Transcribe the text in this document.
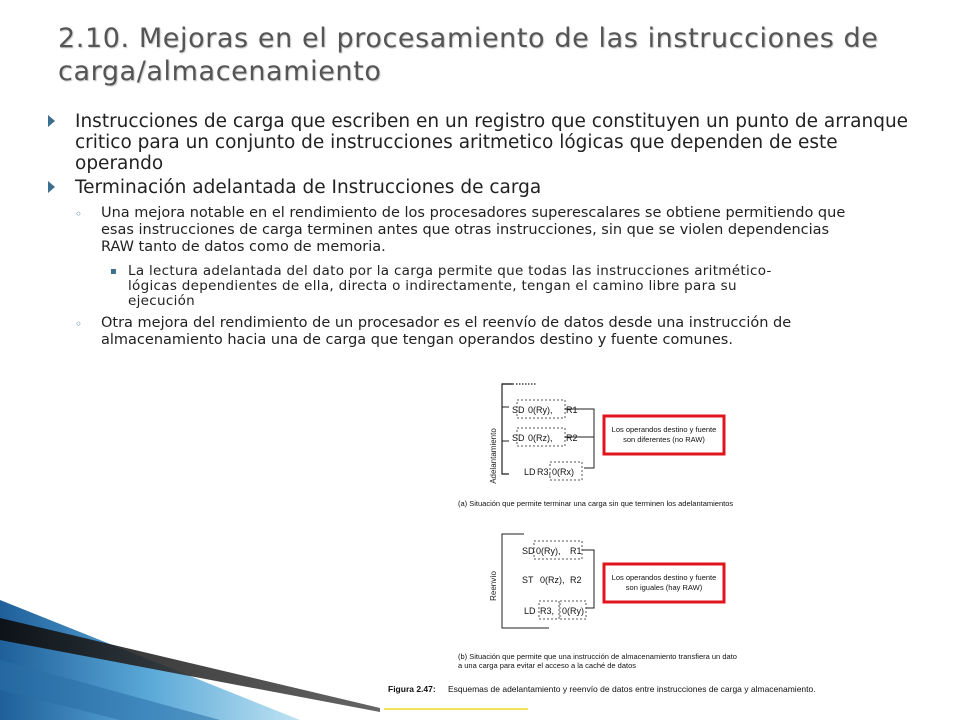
2.10. Mejoras en el procesamiento de las instrucciones de carga/almacenamiento
Instrucciones de carga que escriben en un registro que constituyen un punto de arranque critico para un conjunto de instrucciones aritmetico lógicas que dependen de este operando
Terminación adelantada de Instrucciones de carga
◦ Una mejora notable en el rendimiento de los procesadores superescalares se obtiene permitiendo que esas instrucciones de carga terminen antes que otras instrucciones, sin que se violen dependencias RAW tanto de datos como de memoria.
▪ La lectura adelantada del dato por la carga permite que todas las instrucciones aritmético-lógicas dependientes de ella, directa o indirectamente, tengan el camino libre para su ejecución
◦ Otra mejora del rendimiento de un procesador es el reenvío de datos desde una instrucción de almacenamiento hacia una de carga que tengan operandos destino y fuente comunes.
Adelantamiento
SD 0(Ry), R1
SD 0(Rz), R2
LD R3, 0(Rx)
Los operandos destino y fuente
son diferentes (no RAW)
(a) Situación que permite terminar una carga sin que terminen los adelantamientos
Reenvío
SD 0(Ry), R1
ST 0(Rz), R2
LD R3, 0(Ry)
Los operandos destino y fuente
son iguales (hay RAW)
(b) Situación que permite que una instrucción de almacenamiento transfiera un dato
a una carga para evitar el acceso a la caché de datos
Figura 2.47: Esquemas de adelantamiento y reenvío de datos entre instrucciones de carga y almacenamiento.
